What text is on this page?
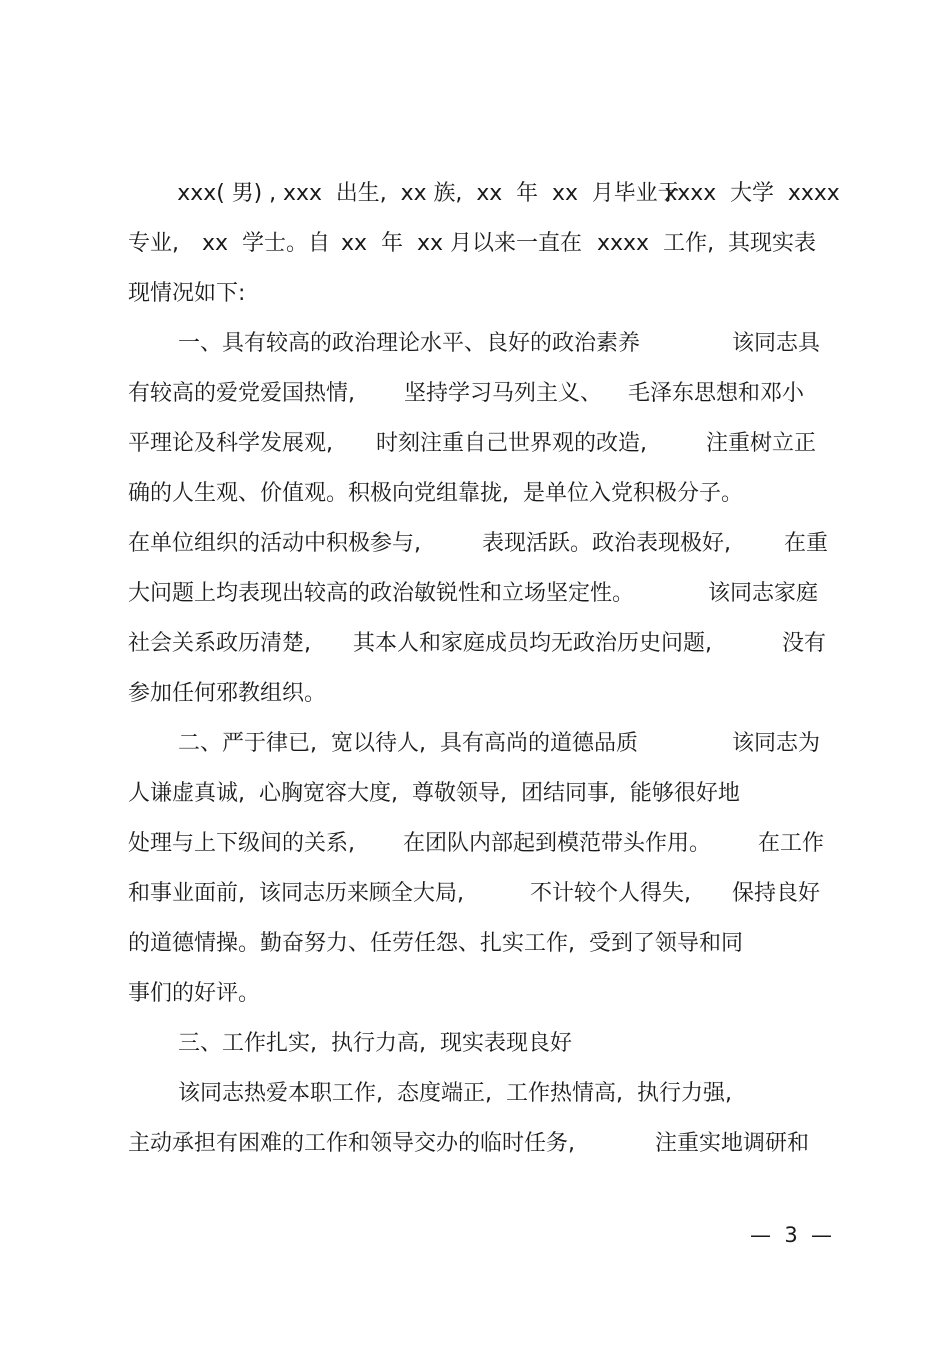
xxx( 男) , xxx  出生,  xx 族,  xx  年  xx  月毕业于

xxxx  大学  xxxx

专业,

xx  学士。自

xx  年  xx 月以来一直在

xxxx  工作,  其现实表

现情况如下:

一、具有较高的政治理论水平、良好的政治素养

	该同志具

有较高的爱党爱国热情,

坚持学习马列主义、

毛泽东思想和邓小

平理论及科学发展观,

时刻注重自己世界观的改造,

	注重树立正

确的人生观、价值观。积极向党组靠拢,  是单位入党积极分子。

在单位组织的活动中积极参与,

	表现活跃。政治表现极好,

在重

大问题上均表现出较高的政治敏锐性和立场坚定性。

	该同志家庭

社会关系政历清楚,

其本人和家庭成员均无政治历史问题,

	没有

参加任何邪教组织。

二、严于律已,  宽以待人,  具有高尚的道德品质

	该同志为

人谦虚真诚,  心胸宽容大度,  尊敬领导,  团结同事,  能够很好地

处理与上下级间的关系,

在团队内部起到模范带头作用。

在工作

和事业面前,  该同志历来顾全大局,

	不计较个人得失,

保持良好

的道德情操。勤奋努力、任劳任怨、扎实工作,  受到了领导和同

事们的好评。

三、工作扎实,  执行力高,  现实表现良好

该同志热爱本职工作,  态度端正,  工作热情高,  执行力强,

主动承担有困难的工作和领导交办的临时任务,

	注重实地调研和

—  3  —
